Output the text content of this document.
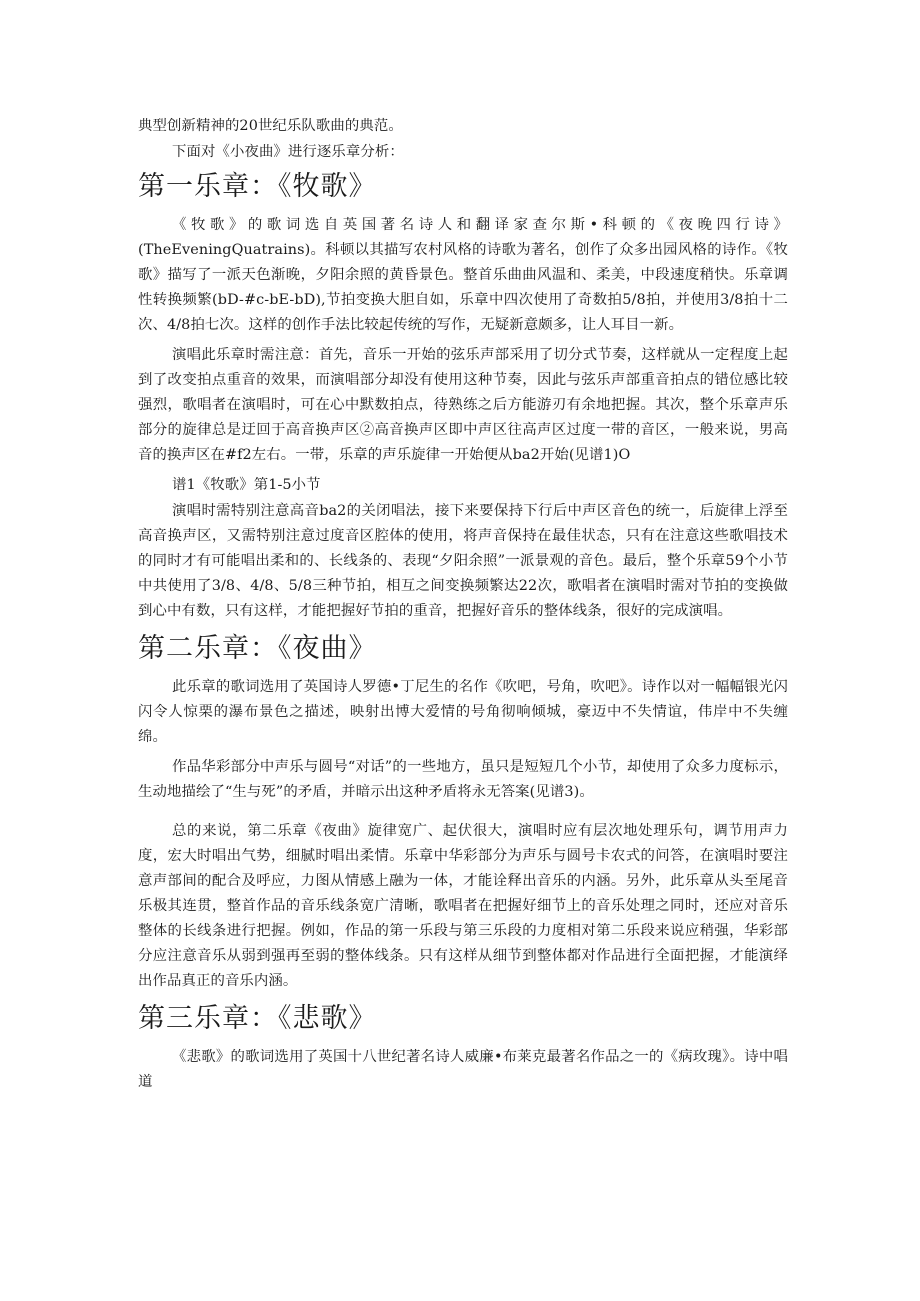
典型创新精神的20世纪乐队歌曲的典范。

下面对《小夜曲》进行逐乐章分析：

第一乐章：《牧歌》

《牧歌》的歌词选自英国著名诗人和翻译家查尔斯•科顿的《夜晚四行诗》(TheEveningQuatrains)。科顿以其描写农村风格的诗歌为著名，创作了众多出园风格的诗作。《牧歌》描写了一派天色渐晚，夕阳余照的黄昏景色。整首乐曲曲风温和、柔美，中段速度稍快。乐章调性转换频繁(bD-#c-bE-bD),节拍变换大胆自如，乐章中四次使用了奇数拍5/8拍，并使用3/8拍十二次、4/8拍七次。这样的创作手法比较起传统的写作，无疑新意颇多，让人耳目一新。

演唱此乐章时需注意：首先，音乐一开始的弦乐声部采用了切分式节奏，这样就从一定程度上起到了改变拍点重音的效果，而演唱部分却没有使用这种节奏，因此与弦乐声部重音拍点的错位感比较强烈，歌唱者在演唱时，可在心中默数拍点，待熟练之后方能游刃有余地把握。其次，整个乐章声乐部分的旋律总是迂回于高音换声区②高音换声区即中声区往高声区过度一带的音区，一般来说，男高音的换声区在#f2左右。一带，乐章的声乐旋律一开始便从ba2开始(见谱1)O

谱1《牧歌》第1-5小节

演唱时需特别注意高音ba2的关闭唱法，接下来要保持下行后中声区音色的统一，后旋律上浮至高音换声区，又需特别注意过度音区腔体的使用，将声音保持在最佳状态，只有在注意这些歌唱技术的同时才有可能唱出柔和的、长线条的、表现“夕阳余照”一派景观的音色。最后，整个乐章59个小节中共使用了3/8、4/8、5/8三种节拍，相互之间变换频繁达22次，歌唱者在演唱时需对节拍的变换做到心中有数，只有这样，才能把握好节拍的重音，把握好音乐的整体线条，很好的完成演唱。

第二乐章：《夜曲》

此乐章的歌词选用了英国诗人罗德•丁尼生的名作《吹吧，号角，吹吧》。诗作以对一幅幅银光闪闪令人惊栗的瀑布景色之描述，映射出博大爱情的号角彻响倾城，豪迈中不失情谊，伟岸中不失缠绵。

作品华彩部分中声乐与圆号“对话”的一些地方，虽只是短短几个小节，却使用了众多力度标示，生动地描绘了“生与死”的矛盾，并暗示出这种矛盾将永无答案(见谱3)。

总的来说，第二乐章《夜曲》旋律宽广、起伏很大，演唱时应有层次地处理乐句，调节用声力度，宏大时唱出气势，细腻时唱出柔情。乐章中华彩部分为声乐与圆号卡农式的问答，在演唱时要注意声部间的配合及呼应，力图从情感上融为一体，才能诠释出音乐的内涵。另外，此乐章从头至尾音乐极其连贯，整首作品的音乐线条宽广清晰，歌唱者在把握好细节上的音乐处理之同时，还应对音乐整体的长线条进行把握。例如，作品的第一乐段与第三乐段的力度相对第二乐段来说应稍强，华彩部分应注意音乐从弱到强再至弱的整体线条。只有这样从细节到整体都对作品进行全面把握，才能演绎出作品真正的音乐内涵。

第三乐章：《悲歌》

《悲歌》的歌词选用了英国十八世纪著名诗人威廉•布莱克最著名作品之一的《病玫瑰》。诗中唱道
